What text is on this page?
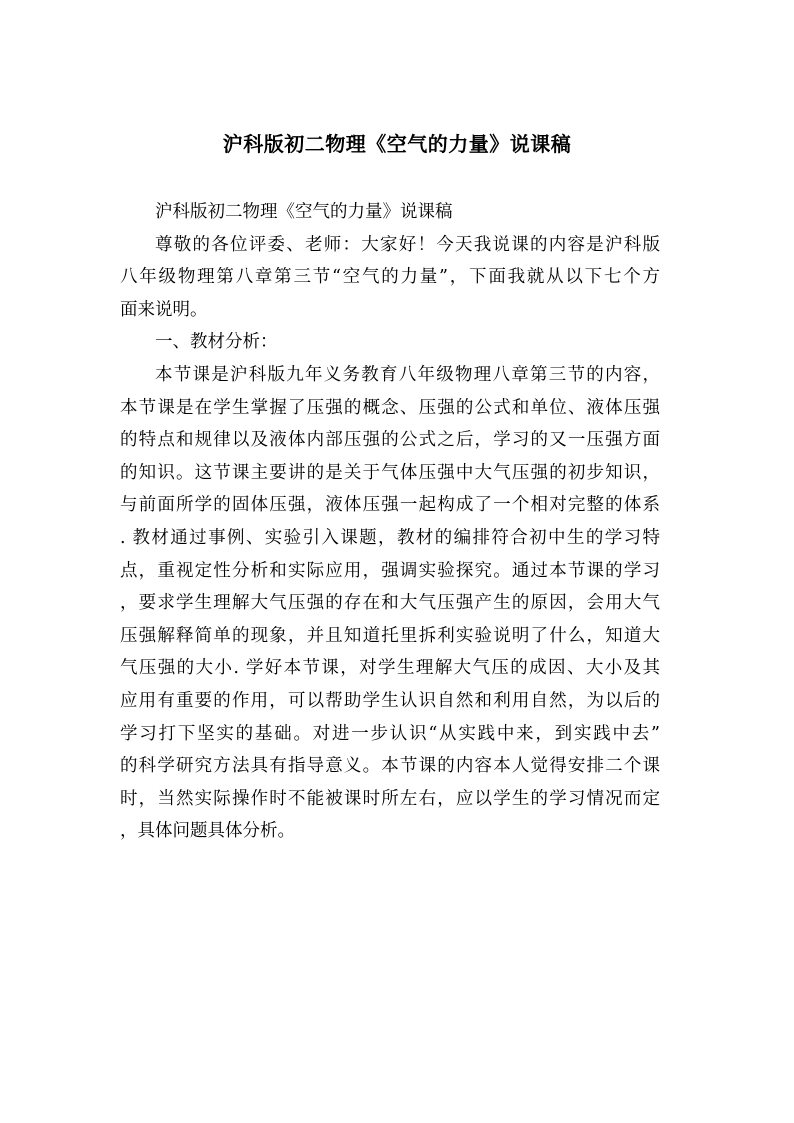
沪科版初二物理《空气的力量》说课稿
沪科版初二物理《空气的力量》说课稿
尊敬的各位评委、老师：大家好！今天我说课的内容是沪科版
八年级物理第八章第三节“空气的力量”，下面我就从以下七个方
面来说明。
一、教材分析：
本节课是沪科版九年义务教育八年级物理八章第三节的内容，
本节课是在学生掌握了压强的概念、压强的公式和单位、液体压强
的特点和规律以及液体内部压强的公式之后，学习的又一压强方面
的知识。这节课主要讲的是关于气体压强中大气压强的初步知识，
与前面所学的固体压强，液体压强一起构成了一个相对完整的体系
. 教材通过事例、实验引入课题，教材的编排符合初中生的学习特
点，重视定性分析和实际应用，强调实验探究。通过本节课的学习
，要求学生理解大气压强的存在和大气压强产生的原因，会用大气
压强解释简单的现象，并且知道托里拆利实验说明了什么，知道大
气压强的大小. 学好本节课，对学生理解大气压的成因、大小及其
应用有重要的作用，可以帮助学生认识自然和利用自然，为以后的
学习打下坚实的基础。对进一步认识“从实践中来，到实践中去”
的科学研究方法具有指导意义。本节课的内容本人觉得安排二个课
时，当然实际操作时不能被课时所左右，应以学生的学习情况而定
，具体问题具体分析。
